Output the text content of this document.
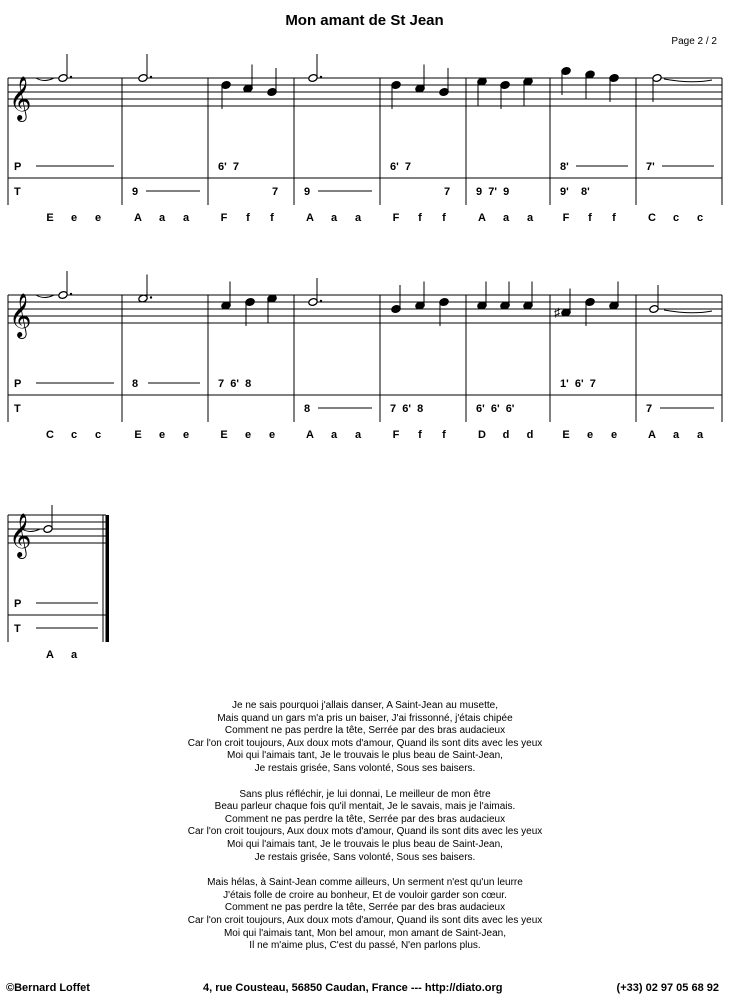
Mon amant de St Jean
Page 2 / 2
𝄞
P
T
E e e
9
A a a
6'  7
7
F f f
9
A a a
6'  7
7
F f f
9  7'  9
A a a
8'
9'    8'
F f f
7'
C c c
𝄞
P
T
♯
C c c
8
E e e
7  6'  8
E e e
8
A a a
7  6'  8
F f f
6'  6'  6'
D d d
1'  6'  7
E e e
7
A a a
𝄞
P
T
A a
Je ne sais pourquoi j'allais danser, A Saint-Jean au musette,
Mais quand un gars m'a pris un baiser, J'ai frissonné, j'étais chipée
Comment ne pas perdre la tête, Serrée par des bras audacieux
Car l'on croit toujours, Aux doux mots d'amour, Quand ils sont dits avec les yeux
Moi qui l'aimais tant, Je le trouvais le plus beau de Saint-Jean,
Je restais grisée, Sans volonté, Sous ses baisers.
Sans plus réfléchir, je lui donnai, Le meilleur de mon être
Beau parleur chaque fois qu'il mentait, Je le savais, mais je l'aimais.
Comment ne pas perdre la tête, Serrée par des bras audacieux
Car l'on croit toujours, Aux doux mots d'amour, Quand ils sont dits avec les yeux
Moi qui l'aimais tant, Je le trouvais le plus beau de Saint-Jean,
Je restais grisée, Sans volonté, Sous ses baisers.
Mais hélas, à Saint-Jean comme ailleurs, Un serment n'est qu'un leurre
J'étais folle de croire au bonheur, Et de vouloir garder son cœur.
Comment ne pas perdre la tête, Serrée par des bras audacieux
Car l'on croit toujours, Aux doux mots d'amour, Quand ils sont dits avec les yeux
Moi qui l'aimais tant, Mon bel amour, mon amant de Saint-Jean,
Il ne m'aime plus, C'est du passé, N'en parlons plus.
©Bernard Loffet	4, rue Cousteau, 56850 Caudan, France --- http://diato.org	(+33) 02 97 05 68 92
